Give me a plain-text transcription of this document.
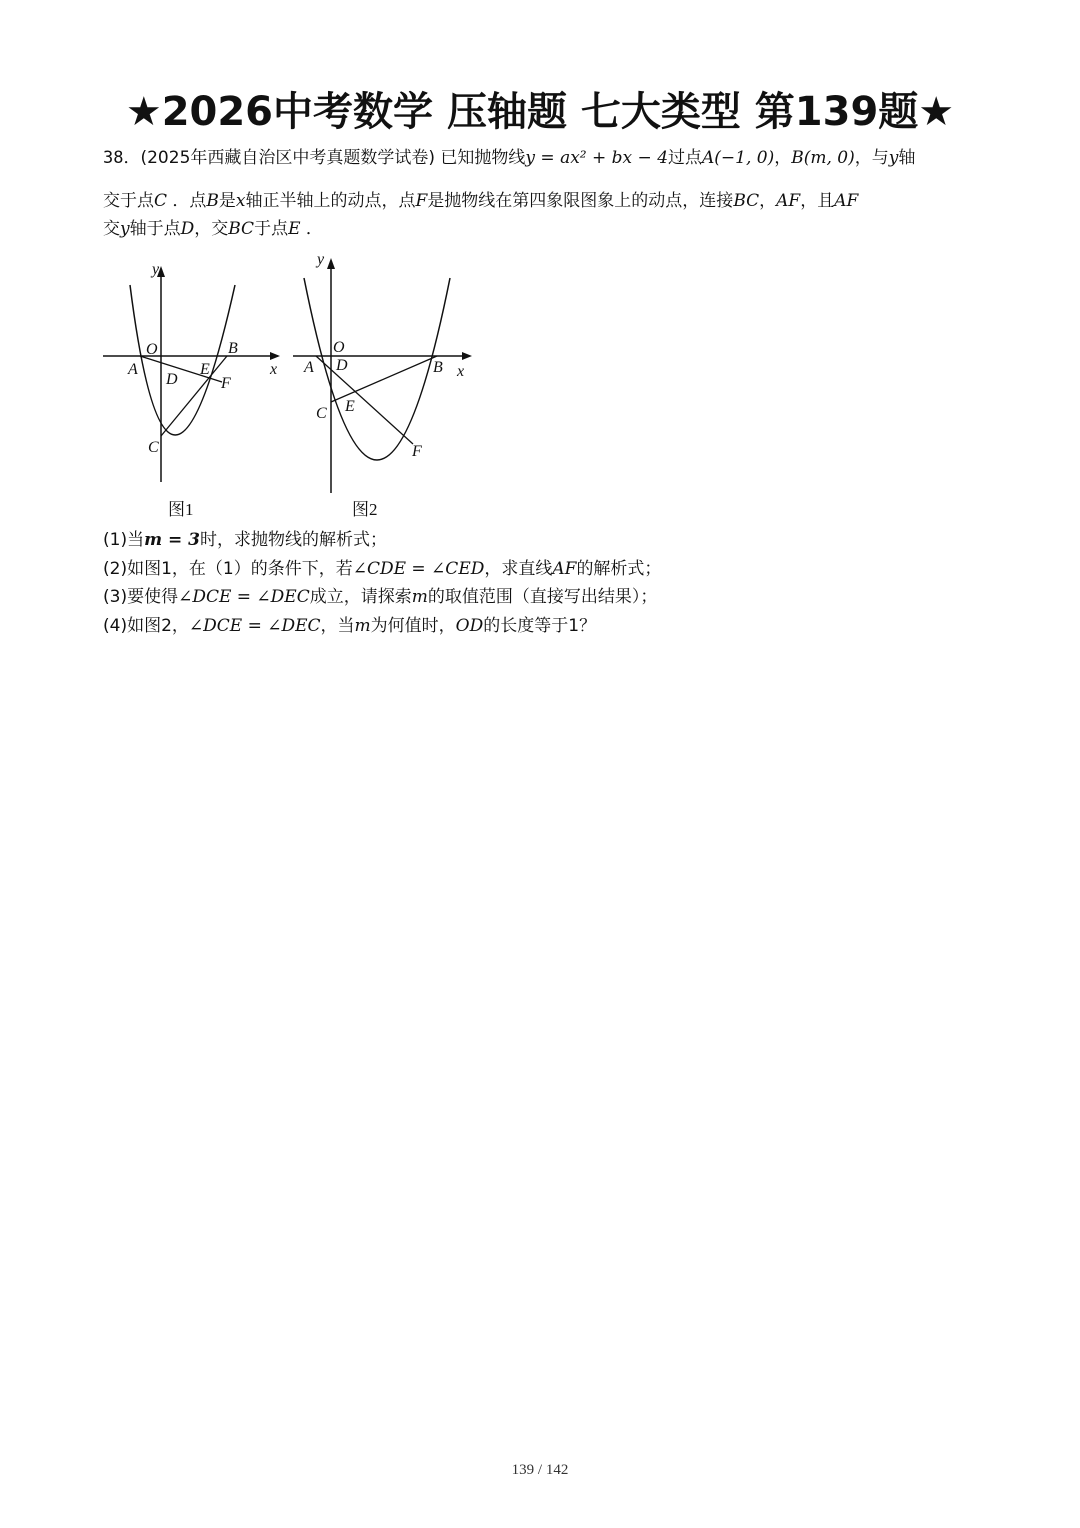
★2026中考数学 压轴题 七大类型 第139题★
38．(2025年西藏自治区中考真题数学试卷) 已知抛物线y = ax² + bx − 4过点A(−1, 0)，B(m, 0)，与y轴
交于点C ．点B是x轴正半轴上的动点，点F是抛物线在第四象限图象上的动点，连接BC，AF，且AF
交y轴于点D，交BC于点E ．
y
x
O
A
B
D
E
F
C
图1
y
x
O
A D	B
C E
F
图2
(1)当m = 3时，求抛物线的解析式；
(2)如图1，在（1）的条件下，若∠CDE = ∠CED，求直线AF的解析式；
(3)要使得∠DCE = ∠DEC成立，请探索m的取值范围（直接写出结果）；
(4)如图2，∠DCE = ∠DEC，当m为何值时，OD的长度等于1？
139 / 142
